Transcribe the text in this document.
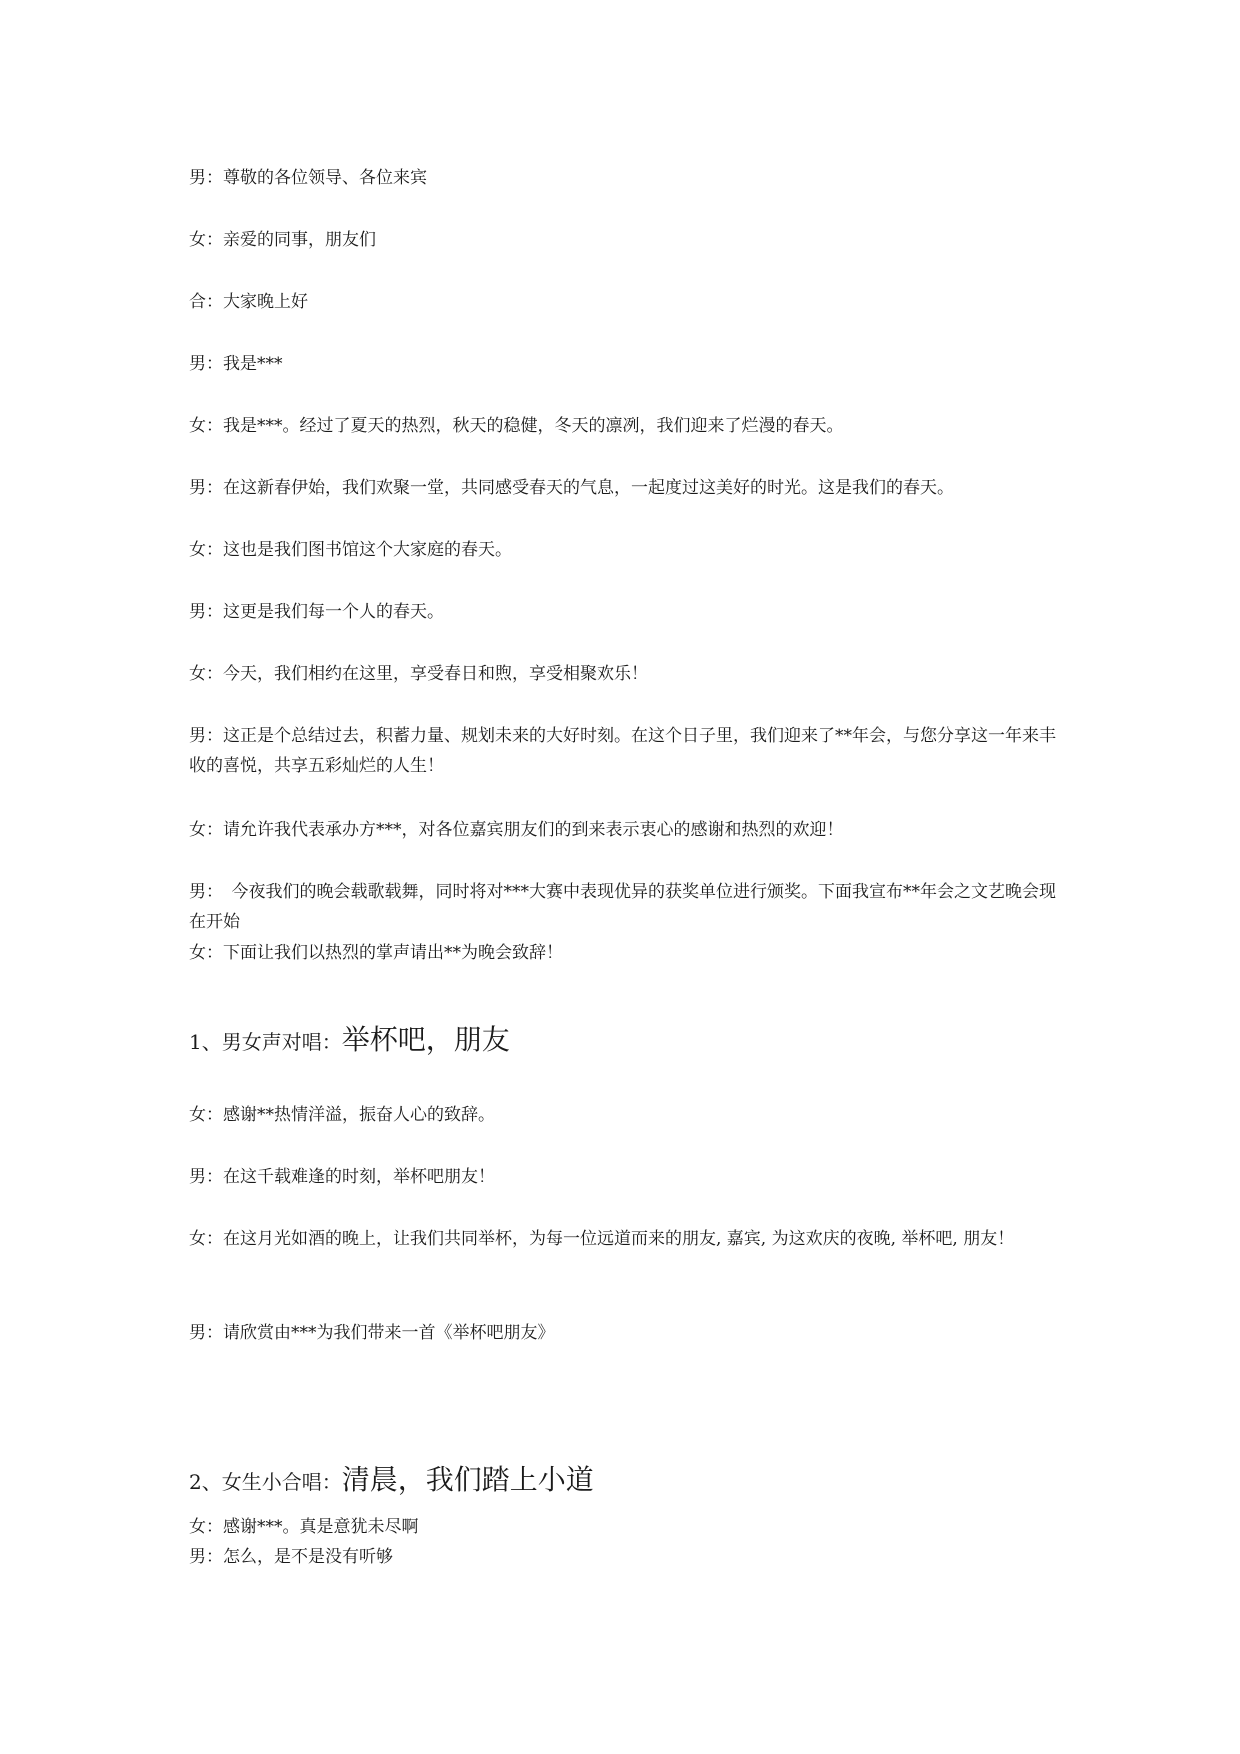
男：尊敬的各位领导、各位来宾

女：亲爱的同事，朋友们

合：大家晚上好

男：我是***

女：我是***。经过了夏天的热烈，秋天的稳健，冬天的凛冽，我们迎来了烂漫的春天。

男：在这新春伊始，我们欢聚一堂，共同感受春天的气息，一起度过这美好的时光。这是我们的春天。

女：这也是我们图书馆这个大家庭的春天。

男：这更是我们每一个人的春天。

女：今天，我们相约在这里，享受春日和煦，享受相聚欢乐！

男：这正是个总结过去，积蓄力量、规划未来的大好时刻。在这个日子里，我们迎来了**年会，与您分享这一年来丰收的喜悦，共享五彩灿烂的人生！

女：请允许我代表承办方***，对各位嘉宾朋友们的到来表示衷心的感谢和热烈的欢迎！

男：　今夜我们的晚会载歌载舞，同时将对***大赛中表现优异的获奖单位进行颁奖。下面我宣布**年会之文艺晚会现在开始

女：下面让我们以热烈的掌声请出**为晚会致辞！

1、男女声对唱：举杯吧，朋友

女：感谢**热情洋溢，振奋人心的致辞。

男：在这千载难逢的时刻，举杯吧朋友！

女：在这月光如酒的晚上，让我们共同举杯，为每一位远道而来的朋友, 嘉宾, 为这欢庆的夜晚, 举杯吧, 朋友！

男：请欣赏由***为我们带来一首《举杯吧朋友》

2、女生小合唱：清晨，我们踏上小道

女：感谢***。真是意犹未尽啊

男：怎么，是不是没有听够
